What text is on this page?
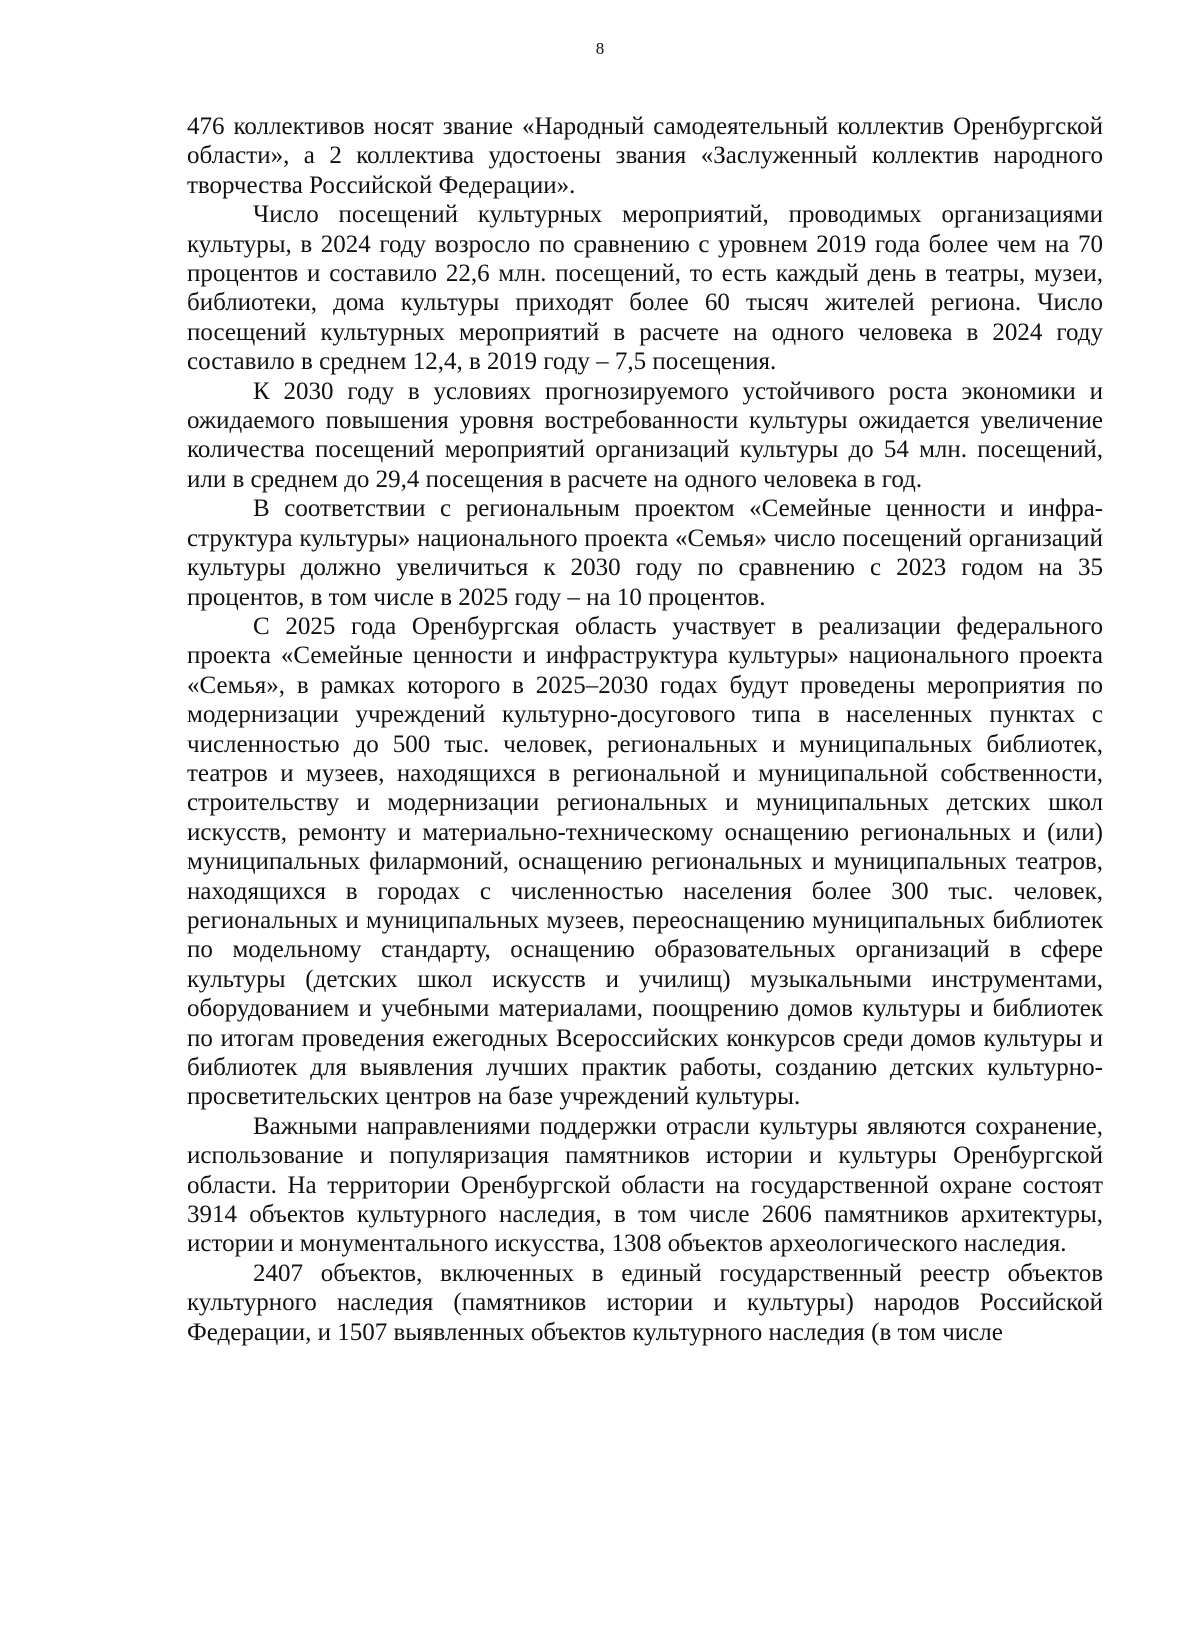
8

476 коллективов носят звание «Народный самодеятельный коллектив Оренбургской области», а 2 коллектива удостоены звания «Заслуженный коллектив народного творчества Российской Федерации».

Число посещений культурных мероприятий, проводимых организациями культуры, в 2024 году возросло по сравнению с уровнем 2019 года более чем на 70 процентов и составило 22,6 млн. посещений, то есть каждый день в театры, музеи, библиотеки, дома культуры приходят более 60 тысяч жителей региона. Число посещений культурных мероприятий в расчете на одного человека в 2024 году составило в среднем 12,4, в 2019 году – 7,5 посещения.

К 2030 году в условиях прогнозируемого устойчивого роста экономики и ожидаемого повышения уровня востребованности культуры ожидается увеличение количества посещений мероприятий организаций культуры до 54 млн. посещений, или в среднем до 29,4 посещения в расчете на одного человека в год.

В соответствии с региональным проектом «Семейные ценности и инфраструктура культуры» национального проекта «Семья» число посещений организаций культуры должно увеличиться к 2030 году по сравнению с 2023 годом на 35 процентов, в том числе в 2025 году – на 10 процентов.

С 2025 года Оренбургская область участвует в реализации федерального проекта «Семейные ценности и инфраструктура культуры» национального проекта «Семья», в рамках которого в 2025–2030 годах будут проведены мероприятия по модернизации учреждений культурно-досугового типа в населенных пунктах с численностью до 500 тыс. человек, региональных и муниципальных библиотек, театров и музеев, находящихся в региональной и муниципальной собственности, строительству и модернизации региональных и муниципальных детских школ искусств, ремонту и материально-техническому оснащению региональных и (или) муниципальных филармоний, оснащению региональных и муниципальных театров, находящихся в городах с численностью населения более 300 тыс. человек, региональных и муниципальных музеев, переоснащению муниципальных библиотек по модельному стандарту, оснащению образовательных организаций в сфере культуры (детских школ искусств и училищ) музыкальными инструментами, оборудованием и учебными материалами, поощрению домов культуры и библиотек по итогам проведения ежегодных Всероссийских конкурсов среди домов культуры и библиотек для выявления лучших практик работы, созданию детских культурно-просветительских центров на базе учреждений культуры.

Важными направлениями поддержки отрасли культуры являются сохранение, использование и популяризация памятников истории и культуры Оренбургской области. На территории Оренбургской области на государственной охране состоят 3914 объектов культурного наследия, в том числе 2606 памятников архитектуры, истории и монументального искусства, 1308 объектов археологического наследия.

2407 объектов, включенных в единый государственный реестр объектов культурного наследия (памятников истории и культуры) народов Российской Федерации, и 1507 выявленных объектов культурного наследия (в том числе
